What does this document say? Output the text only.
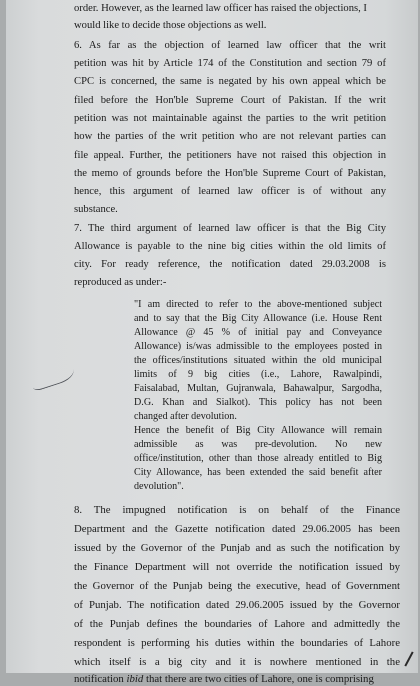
order. However, as the learned law officer has raised the objections, I
would like to decide those objections as well.
6. As far as the objection of learned law officer that the writ
petition was hit by Article 174 of the Constitution and section 79 of
CPC is concerned, the same is negated by his own appeal which be
filed before the Hon'ble Supreme Court of Pakistan. If the writ
petition was not maintainable against the parties to the writ petition
how the parties of the writ petition who are not relevant parties can
file appeal. Further, the petitioners have not raised this objection in
the memo of grounds before the Hon'ble Supreme Court of Pakistan,
hence, this argument of learned law officer is of without any
substance.
7. The third argument of learned law officer is that the Big City
Allowance is payable to the nine big cities within the old limits of
city. For ready reference, the notification dated 29.03.2008 is
reproduced as under:-
"I am directed to refer to the above-mentioned subject
and to say that the Big City Allowance (i.e. House Rent
Allowance @ 45 % of initial pay and Conveyance
Allowance) is/was admissible to the employees posted in
the offices/institutions situated within the old municipal
limits of 9 big cities (i.e., Lahore, Rawalpindi,
Faisalabad, Multan, Gujranwala, Bahawalpur, Sargodha,
D.G. Khan and Sialkot). This policy has not been
changed after devolution.
Hence the benefit of Big City Allowance will remain
admissible as was pre-devolution. No new
office/institution, other than those already entitled to Big
City Allowance, has been extended the said benefit after
devolution".
8. The impugned notification is on behalf of the Finance
Department and the Gazette notification dated 29.06.2005 has been
issued by the Governor of the Punjab and as such the notification by
the Finance Department will not override the notification issued by
the Governor of the Punjab being the executive, head of Government
of Punjab. The notification dated 29.06.2005 issued by the Governor
of the Punjab defines the boundaries of Lahore and admittedly the
respondent is performing his duties within the boundaries of Lahore
which itself is a big city and it is nowhere mentioned in the
notification ibid that there are two cities of Lahore, one is comprising
